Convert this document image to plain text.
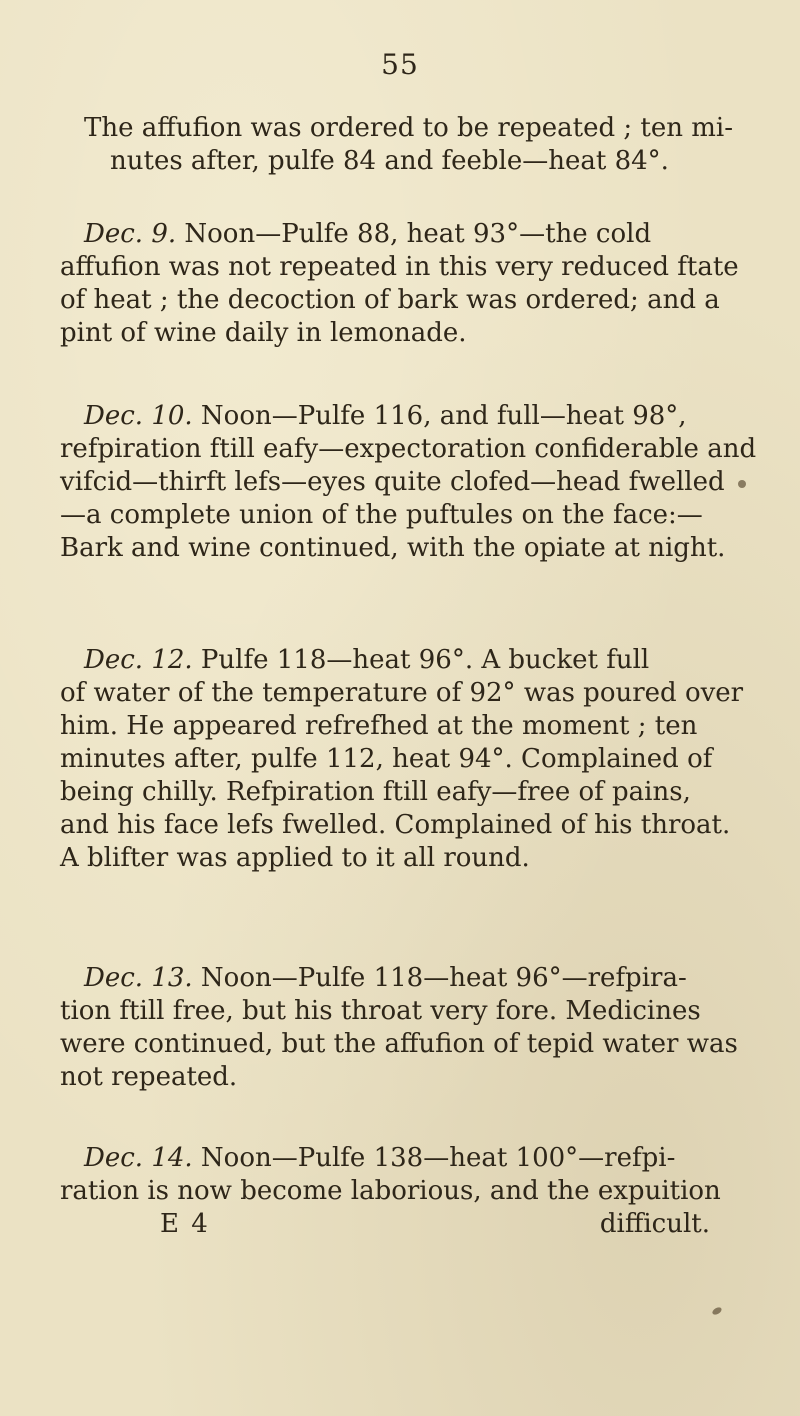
55

The affufion was ordered to be repeated ; ten mi-
nutes after, pulfe 84 and feeble—heat 84°.

Dec. 9. Noon—Pulfe 88, heat 93°—the cold
affufion was not repeated in this very reduced ftate
of heat ; the decoction of bark was ordered; and a
pint of wine daily in lemonade.

Dec. 10. Noon—Pulfe 116, and full—heat 98°,
refpiration ftill eafy—expectoration confiderable and
vifcid—thirft lefs—eyes quite clofed—head fwelled
—a complete union of the puftules on the face:—
Bark and wine continued, with the opiate at night.

Dec. 12. Pulfe 118—heat 96°. A bucket full
of water of the temperature of 92° was poured over
him. He appeared refrefhed at the moment ; ten
minutes after, pulfe 112, heat 94°. Complained of
being chilly. Refpiration ftill eafy—free of pains,
and his face lefs fwelled. Complained of his throat.
A blifter was applied to it all round.

Dec. 13. Noon—Pulfe 118—heat 96°—refpira-
tion ftill free, but his throat very fore. Medicines
were continued, but the affufion of tepid water was
not repeated.

Dec. 14. Noon—Pulfe 138—heat 100°—refpi-
ration is now become laborious, and the expuition

E 4	difficult.
